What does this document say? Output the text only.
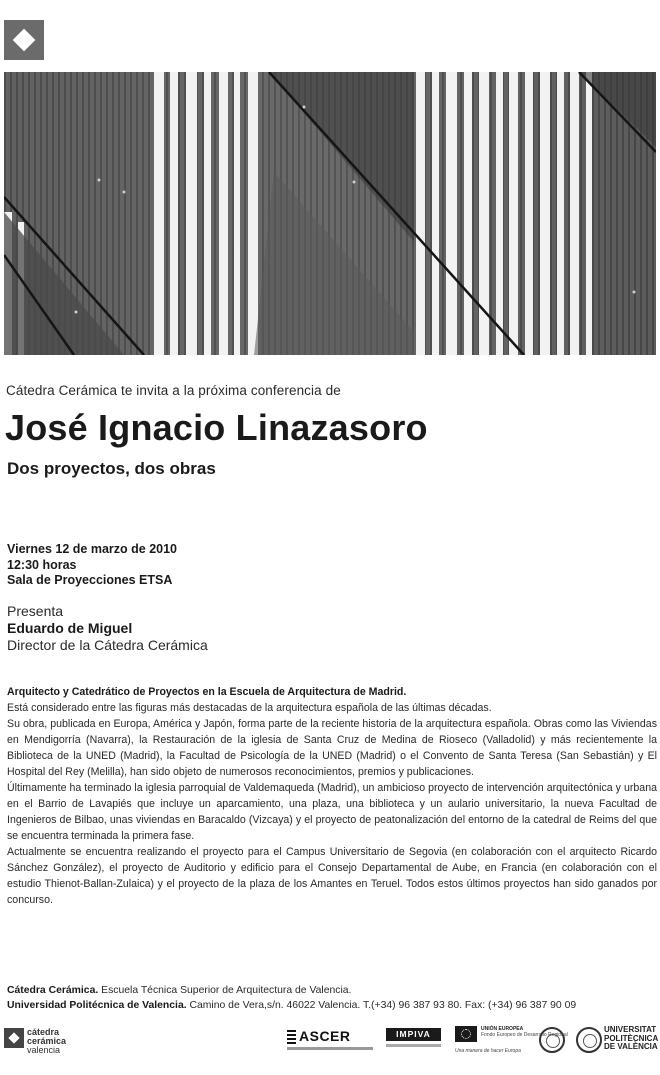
Cátedra Cerámica te invita a la próxima conferencia de
José Ignacio Linazasoro
Dos proyectos, dos obras
Viernes 12 de marzo de 2010
12:30 horas
Sala de Proyecciones ETSA
Presenta
Eduardo de Miguel
Director de la Cátedra Cerámica

Arquitecto y Catedrático de Proyectos en la Escuela de Arquitectura de Madrid.

Está considerado entre las figuras más destacadas de la arquitectura española de las últimas décadas.

Su obra, publicada en Europa, América y Japón, forma parte de la reciente historia de la arquitectura española. Obras como las Viviendas en Mendigorría (Navarra), la Restauración de la iglesia de Santa Cruz de Medina de Rioseco (Valladolid) y más recientemente la Biblioteca de la UNED (Madrid), la Facultad de Psicología de la UNED (Madrid) o el Convento de Santa Teresa (San Sebastián) y El Hospital del Rey (Melilla), han sido objeto de numerosos reconocimientos, premios y publicaciones.

Últimamente ha terminado la iglesia parroquial de Valdemaqueda (Madrid), un ambicioso proyecto de intervención arquitectónica y urbana en el Barrio de Lavapiés que incluye un aparcamiento, una plaza, una biblioteca y un aulario universitario, la nueva Facultad de Ingenieros de Bilbao, unas viviendas en Baracaldo (Vizcaya) y el proyecto de peatonalización del entorno de la catedral de Reims del que se encuentra terminada la primera fase.

Actualmente se encuentra realizando el proyecto para el Campus Universitario de Segovia (en colaboración con el arquitecto Ricardo Sánchez González), el proyecto de Auditorio y edificio para el Consejo Departamental de Aube, en Francia (en colaboración con el estudio Thienot-Ballan-Zulaica) y el proyecto de la plaza de los Amantes en Teruel. Todos estos últimos proyectos han sido ganados por concurso.

Cátedra Cerámica. Escuela Técnica Superior de Arquitectura de Valencia.
Universidad Politécnica de Valencia. Camino de Vera,s/n. 46022 Valencia. T.(+34) 96 387 93 80. Fax: (+34) 96 387 90 09
cátedra
cerámica
valencia
ASCER	IMPIVA	UNIÓN EUROPEA
Fondo Europeo de Desarrollo Regional
Una manera de hacer Europa
UNIVERSITAT
POLITÈCNICA
DE VALÈNCIA
